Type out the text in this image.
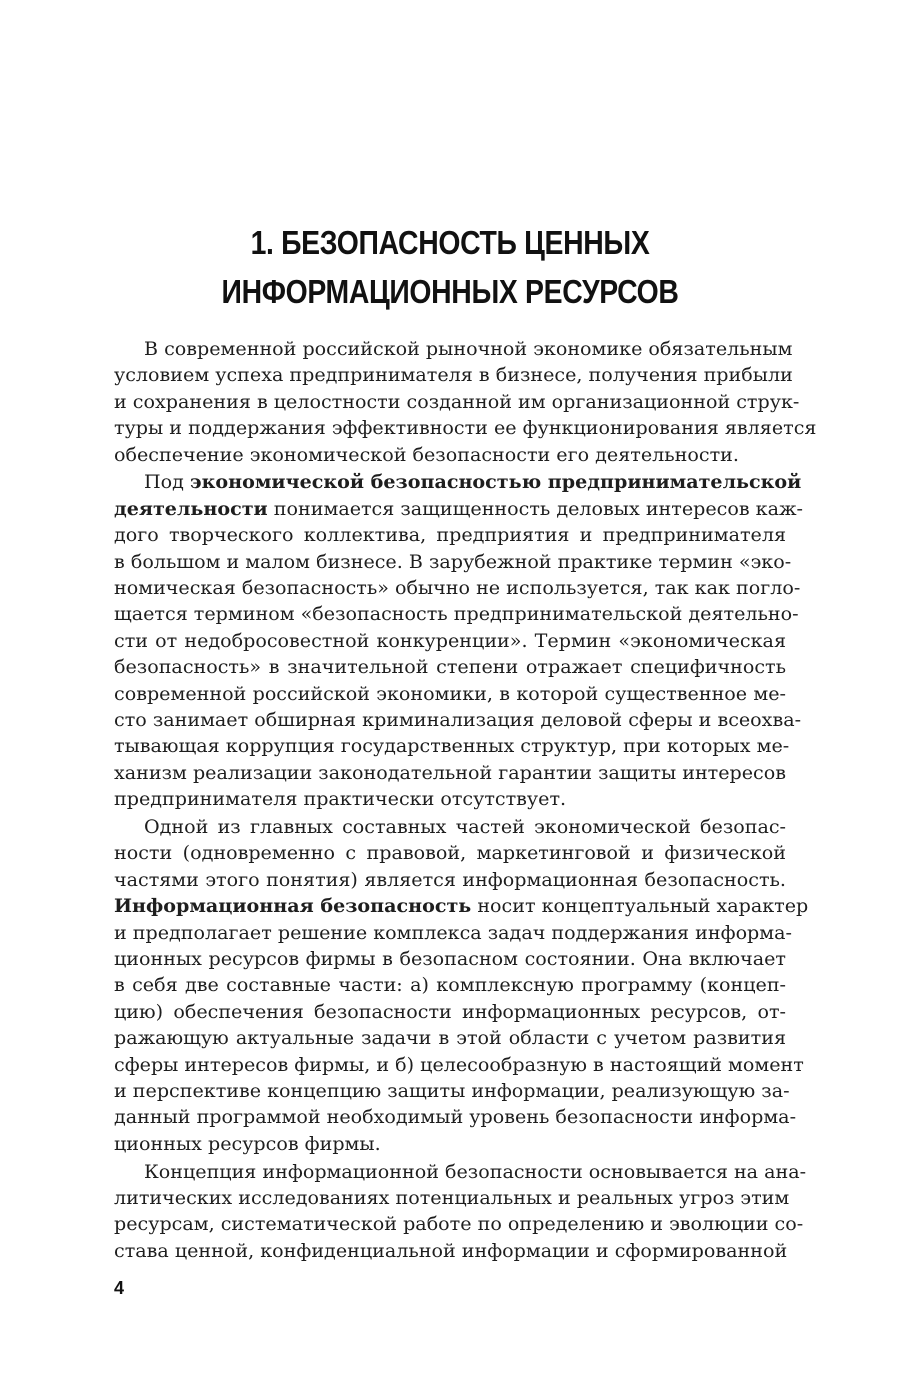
1. БЕЗОПАСНОСТЬ ЦЕННЫХ
ИНФОРМАЦИОННЫХ РЕСУРСОВ

В современной российской рыночной экономике обязательным
условием успеха предпринимателя в бизнесе, получения прибыли
и сохранения в целостности созданной им организационной струк-
туры и поддержания эффективности ее функционирования является
обеспечение экономической безопасности его деятельности.

Под экономической безопасностью предпринимательской
деятельности понимается защищенность деловых интересов каж-
дого творческого коллектива, предприятия и предпринимателя
в большом и малом бизнесе. В зарубежной практике термин «эко-
номическая безопасность» обычно не используется, так как погло-
щается термином «безопасность предпринимательской деятельно-
сти от недобросовестной конкуренции». Термин «экономическая
безопасность» в значительной степени отражает специфичность
современной российской экономики, в которой существенное ме-
сто занимает обширная криминализация деловой сферы и всеохва-
тывающая коррупция государственных структур, при которых ме-
ханизм реализации законодательной гарантии защиты интересов
предпринимателя практически отсутствует.

Одной из главных составных частей экономической безопас-
ности (одновременно с правовой, маркетинговой и физической
частями этого понятия) является информационная безопасность.
Информационная безопасность носит концептуальный характер
и предполагает решение комплекса задач поддержания информа-
ционных ресурсов фирмы в безопасном состоянии. Она включает
в себя две составные части: а) комплексную программу (концеп-
цию) обеспечения безопасности информационных ресурсов, от-
ражающую актуальные задачи в этой области с учетом развития
сферы интересов фирмы, и б) целесообразную в настоящий момент
и перспективе концепцию защиты информации, реализующую за-
данный программой необходимый уровень безопасности информа-
ционных ресурсов фирмы.

Концепция информационной безопасности основывается на ана-
литических исследованиях потенциальных и реальных угроз этим
ресурсам, систематической работе по определению и эволюции со-
става ценной, конфиденциальной информации и сформированной

4
